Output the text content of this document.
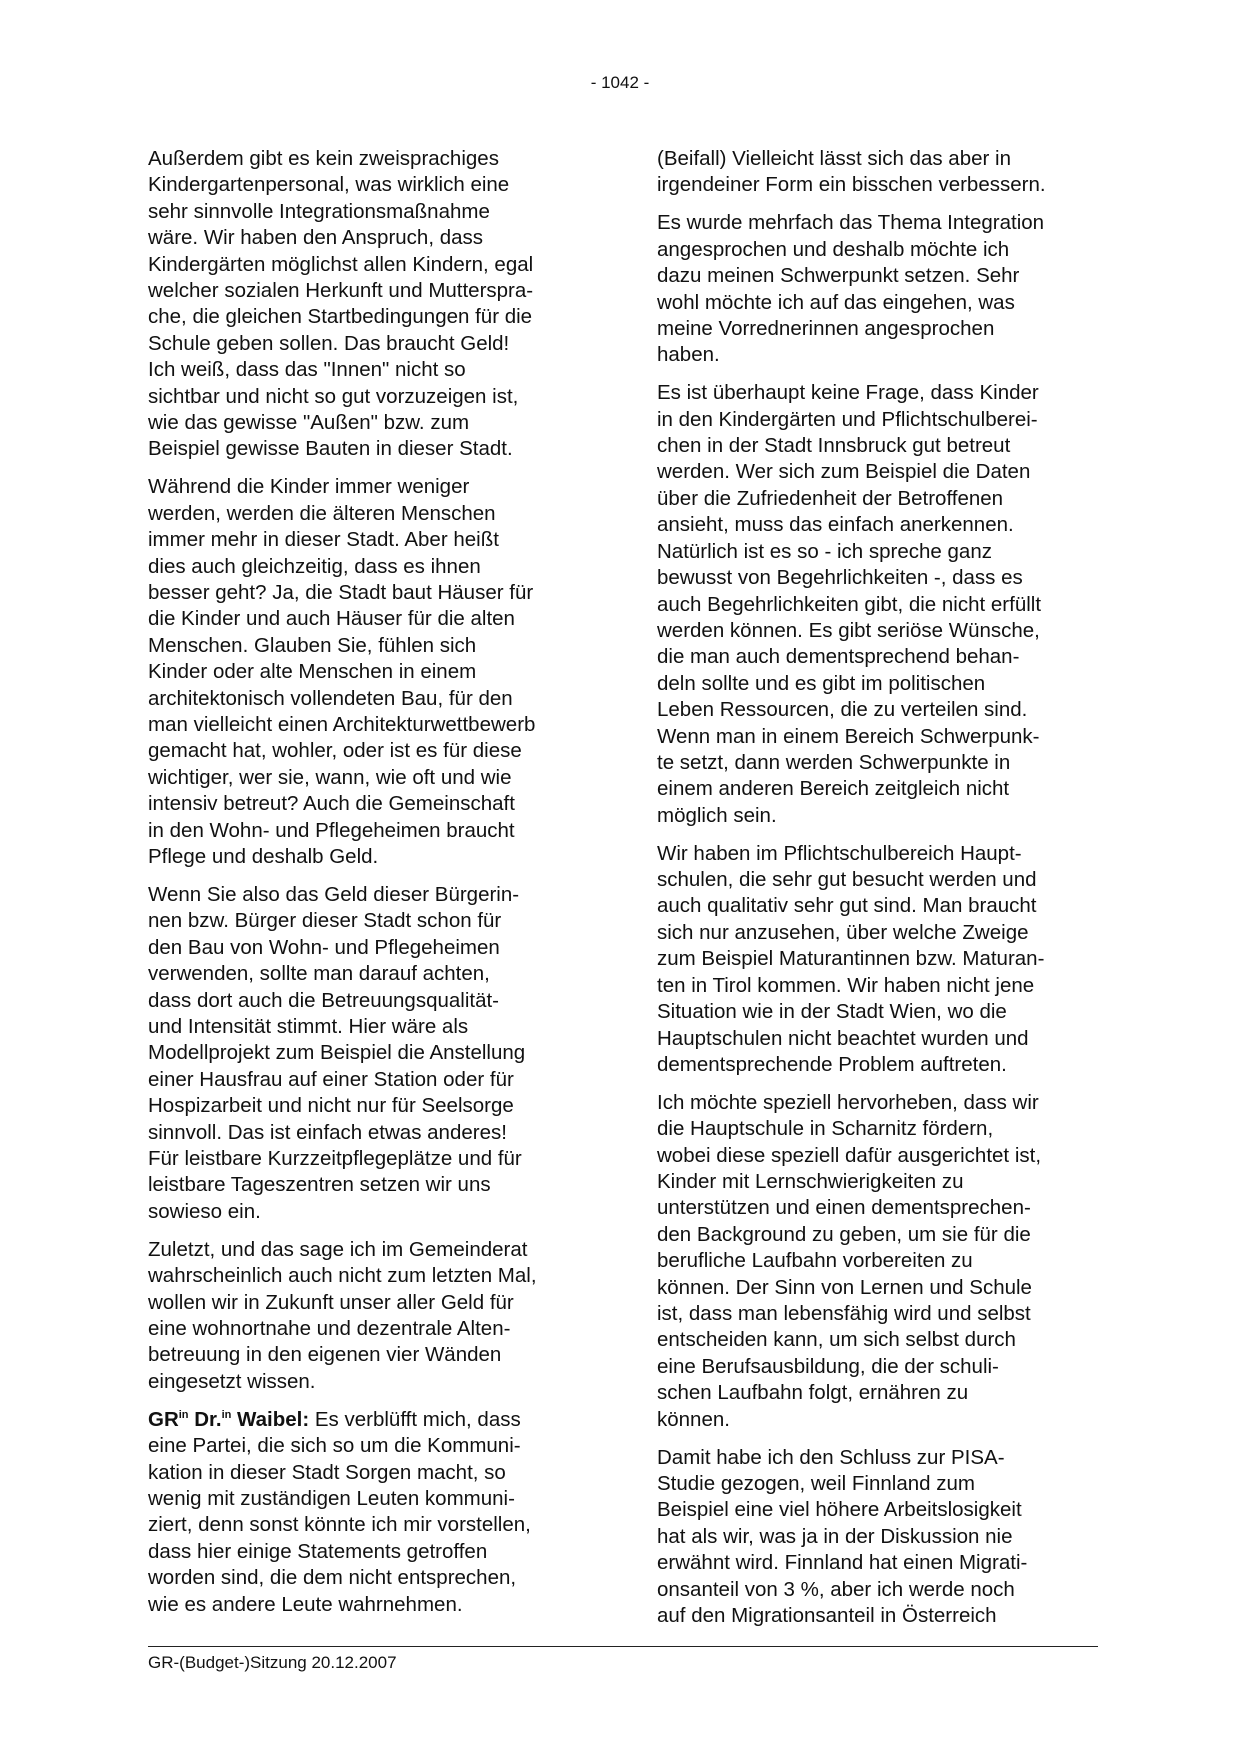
- 1042 -

Außerdem gibt es kein zweisprachiges
Kindergartenpersonal, was wirklich eine
sehr sinnvolle Integrationsmaßnahme
wäre. Wir haben den Anspruch, dass
Kindergärten möglichst allen Kindern, egal
welcher sozialen Herkunft und Mutterspra-
che, die gleichen Startbedingungen für die
Schule geben sollen. Das braucht Geld!
Ich weiß, dass das "Innen" nicht so
sichtbar und nicht so gut vorzuzeigen ist,
wie das gewisse "Außen" bzw. zum
Beispiel gewisse Bauten in dieser Stadt.

Während die Kinder immer weniger
werden, werden die älteren Menschen
immer mehr in dieser Stadt. Aber heißt
dies auch gleichzeitig, dass es ihnen
besser geht? Ja, die Stadt baut Häuser für
die Kinder und auch Häuser für die alten
Menschen. Glauben Sie, fühlen sich
Kinder oder alte Menschen in einem
architektonisch vollendeten Bau, für den
man vielleicht einen Architekturwettbewerb
gemacht hat, wohler, oder ist es für diese
wichtiger, wer sie, wann, wie oft und wie
intensiv betreut? Auch die Gemeinschaft
in den Wohn- und Pflegeheimen braucht
Pflege und deshalb Geld.

Wenn Sie also das Geld dieser Bürgerin-
nen bzw. Bürger dieser Stadt schon für
den Bau von Wohn- und Pflegeheimen
verwenden, sollte man darauf achten,
dass dort auch die Betreuungsqualität-
und Intensität stimmt. Hier wäre als
Modellprojekt zum Beispiel die Anstellung
einer Hausfrau auf einer Station oder für
Hospizarbeit und nicht nur für Seelsorge
sinnvoll. Das ist einfach etwas anderes!
Für leistbare Kurzzeitpflegeplätze und für
leistbare Tageszentren setzen wir uns
sowieso ein.

Zuletzt, und das sage ich im Gemeinderat
wahrscheinlich auch nicht zum letzten Mal,
wollen wir in Zukunft unser aller Geld für
eine wohnortnahe und dezentrale Alten-
betreuung in den eigenen vier Wänden
eingesetzt wissen.

$GR^{in}$ Dr.$^{in}$ Waibel: Es verblüfft mich, dass
eine Partei, die sich so um die Kommuni-
kation in dieser Stadt Sorgen macht, so
wenig mit zuständigen Leuten kommuni-
ziert, denn sonst könnte ich mir vorstellen,
dass hier einige Statements getroffen
worden sind, die dem nicht entsprechen,
wie es andere Leute wahrnehmen.

(Beifall) Vielleicht lässt sich das aber in
irgendeiner Form ein bisschen verbessern.

Es wurde mehrfach das Thema Integration
angesprochen und deshalb möchte ich
dazu meinen Schwerpunkt setzen. Sehr
wohl möchte ich auf das eingehen, was
meine Vorrednerinnen angesprochen
haben.

Es ist überhaupt keine Frage, dass Kinder
in den Kindergärten und Pflichtschulberei-
chen in der Stadt Innsbruck gut betreut
werden. Wer sich zum Beispiel die Daten
über die Zufriedenheit der Betroffenen
ansieht, muss das einfach anerkennen.
Natürlich ist es so - ich spreche ganz
bewusst von Begehrlichkeiten -, dass es
auch Begehrlichkeiten gibt, die nicht erfüllt
werden können. Es gibt seriöse Wünsche,
die man auch dementsprechend behan-
deln sollte und es gibt im politischen
Leben Ressourcen, die zu verteilen sind.
Wenn man in einem Bereich Schwerpunk-
te setzt, dann werden Schwerpunkte in
einem anderen Bereich zeitgleich nicht
möglich sein.

Wir haben im Pflichtschulbereich Haupt-
schulen, die sehr gut besucht werden und
auch qualitativ sehr gut sind. Man braucht
sich nur anzusehen, über welche Zweige
zum Beispiel Maturantinnen bzw. Maturan-
ten in Tirol kommen. Wir haben nicht jene
Situation wie in der Stadt Wien, wo die
Hauptschulen nicht beachtet wurden und
dementsprechende Problem auftreten.

Ich möchte speziell hervorheben, dass wir
die Hauptschule in Scharnitz fördern,
wobei diese speziell dafür ausgerichtet ist,
Kinder mit Lernschwierigkeiten zu
unterstützen und einen dementsprechen-
den Background zu geben, um sie für die
berufliche Laufbahn vorbereiten zu
können. Der Sinn von Lernen und Schule
ist, dass man lebensfähig wird und selbst
entscheiden kann, um sich selbst durch
eine Berufsausbildung, die der schuli-
schen Laufbahn folgt, ernähren zu
können.

Damit habe ich den Schluss zur PISA-
Studie gezogen, weil Finnland zum
Beispiel eine viel höhere Arbeitslosigkeit
hat als wir, was ja in der Diskussion nie
erwähnt wird. Finnland hat einen Migrati-
onsanteil von 3 %, aber ich werde noch
auf den Migrationsanteil in Österreich

GR-(Budget-)Sitzung 20.12.2007
